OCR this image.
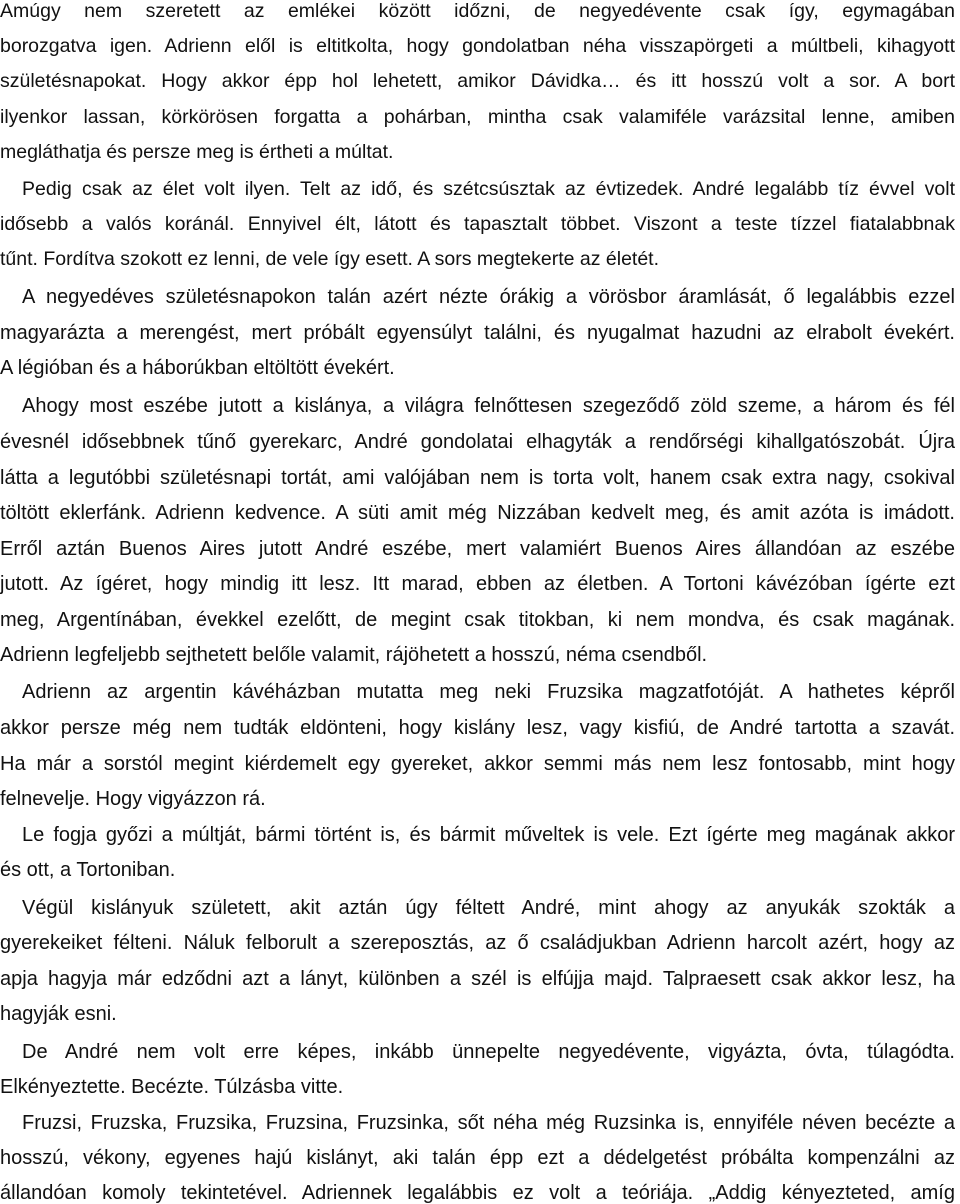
Amúgy nem szeretett az emlékei között időzni, de negyedévente csak így, egymagában
borozgatva igen. Adrienn elől is eltitkolta, hogy gondolatban néha visszapörgeti a múltbeli, kihagyott
születésnapokat. Hogy akkor épp hol lehetett, amikor Dávidka… és itt hosszú volt a sor. A bort
ilyenkor lassan, körkörösen forgatta a pohárban, mintha csak valamiféle varázsital lenne, amiben
megláthatja és persze meg is értheti a múltat.
Pedig csak az élet volt ilyen. Telt az idő, és szétcsúsztak az évtizedek. André legalább tíz évvel volt
idősebb a valós koránál. Ennyivel élt, látott és tapasztalt többet. Viszont a teste tízzel fiatalabbnak
tűnt. Fordítva szokott ez lenni, de vele így esett. A sors megtekerte az életét.
A negyedéves születésnapokon talán azért nézte órákig a vörösbor áramlását, ő legalábbis ezzel
magyarázta a merengést, mert próbált egyensúlyt találni, és nyugalmat hazudni az elrabolt évekért.
A légióban és a háborúkban eltöltött évekért.
Ahogy most eszébe jutott a kislánya, a világra felnőttesen szegeződő zöld szeme, a három és fél
évesnél idősebbnek tűnő gyerekarc, André gondolatai elhagyták a rendőrségi kihallgatószobát. Újra
látta a legutóbbi születésnapi tortát, ami valójában nem is torta volt, hanem csak extra nagy, csokival
töltött eklerfánk. Adrienn kedvence. A süti amit még Nizzában kedvelt meg, és amit azóta is imádott.
Erről aztán Buenos Aires jutott André eszébe, mert valamiért Buenos Aires állandóan az eszébe
jutott. Az ígéret, hogy mindig itt lesz. Itt marad, ebben az életben. A Tortoni kávézóban ígérte ezt
meg, Argentínában, évekkel ezelőtt, de megint csak titokban, ki nem mondva, és csak magának.
Adrienn legfeljebb sejthetett belőle valamit, rájöhetett a hosszú, néma csendből.
Adrienn az argentin kávéházban mutatta meg neki Fruzsika magzatfotóját. A hathetes képről
akkor persze még nem tudták eldönteni, hogy kislány lesz, vagy kisfiú, de André tartotta a szavát.
Ha már a sorstól megint kiérdemelt egy gyereket, akkor semmi más nem lesz fontosabb, mint hogy
felnevelje. Hogy vigyázzon rá.
Le fogja győzi a múltját, bármi történt is, és bármit műveltek is vele. Ezt ígérte meg magának akkor
és ott, a Tortoniban.
Végül kislányuk született, akit aztán úgy féltett André, mint ahogy az anyukák szokták a
gyerekeiket félteni. Náluk felborult a szereposztás, az ő családjukban Adrienn harcolt azért, hogy az
apja hagyja már edződni azt a lányt, különben a szél is elfújja majd. Talpraesett csak akkor lesz, ha
hagyják esni.
De André nem volt erre képes, inkább ünnepelte negyedévente, vigyázta, óvta, túlagódta.
Elkényeztette. Becézte. Túlzásba vitte.
Fruzsi, Fruzska, Fruzsika, Fruzsina, Fruzsinka, sőt néha még Ruzsinka is, ennyiféle néven becézte a
hosszú, vékony, egyenes hajú kislányt, aki talán épp ezt a dédelgetést próbálta kompenzálni az
állandóan komoly tekintetével. Adriennek legalábbis ez volt a teóriája. „Addig kényezteted, amíg
